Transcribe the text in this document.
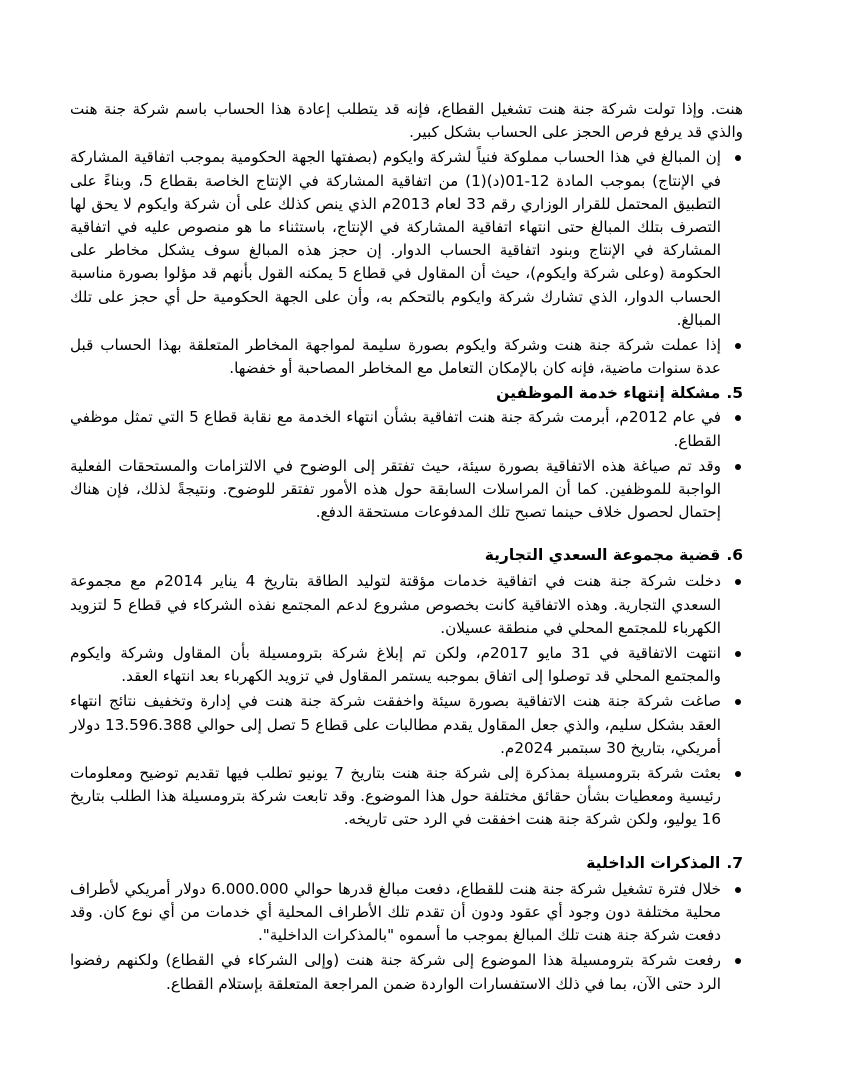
هنت. وإذا تولت شركة جنة هنت تشغيل القطاع، فإنه قد يتطلب إعادة هذا الحساب باسم شركة جنة هنت والذي قد يرفع فرص الحجز على الحساب بشكل كبير.

إن المبالغ في هذا الحساب مملوكة فنياً لشركة وايكوم (بصفتها الجهة الحكومية بموجب اتفاقية المشاركة في الإنتاج) بموجب المادة 12-01(د)(1) من اتفاقية المشاركة في الإنتاج الخاصة بقطاع 5، وبناءً على التطبيق المحتمل للقرار الوزاري رقم 33 لعام 2013م الذي ينص كذلك على أن شركة وايكوم لا يحق لها التصرف بتلك المبالغ حتى انتهاء اتفاقية المشاركة في الإنتاج، باستثناء ما هو منصوص عليه في اتفاقية المشاركة في الإنتاج وبنود اتفاقية الحساب الدوار. إن حجز هذه المبالغ سوف يشكل مخاطر على الحكومة (وعلى شركة وايكوم)، حيث أن المقاول في قطاع 5 يمكنه القول بأنهم قد مؤلوا بصورة مناسبة الحساب الدوار، الذي تشارك شركة وايكوم بالتحكم به، وأن على الجهة الحكومية حل أي حجز على تلك المبالغ.
إذا عملت شركة جنة هنت وشركة وايكوم بصورة سليمة لمواجهة المخاطر المتعلقة بهذا الحساب قبل عدة سنوات ماضية، فإنه كان بالإمكان التعامل مع المخاطر المصاحبة أو خفضها.
5.
مشكلة إنتهاء خدمة الموظفين
في عام 2012م، أبرمت شركة جنة هنت اتفاقية بشأن انتهاء الخدمة مع نقابة قطاع 5 التي تمثل موظفي القطاع.
وقد تم صياغة هذه الاتفاقية بصورة سيئة، حيث تفتقر إلى الوضوح في الالتزامات والمستحقات الفعلية الواجبة للموظفين. كما أن المراسلات السابقة حول هذه الأمور تفتقر للوضوح. ونتيجةً لذلك، فإن هناك إحتمال لحصول خلاف حينما تصبح تلك المدفوعات مستحقة الدفع.
6.
قضية مجموعة السعدي التجارية
دخلت شركة جنة هنت في اتفاقية خدمات مؤقتة لتوليد الطاقة بتاريخ 4 يناير 2014م مع مجموعة السعدي التجارية. وهذه الاتفاقية كانت بخصوص مشروع لدعم المجتمع نفذه الشركاء في قطاع 5 لتزويد الكهرباء للمجتمع المحلي في منطقة عسيلان.
انتهت الاتفاقية في 31 مايو 2017م، ولكن تم إبلاغ شركة بترومسيلة بأن المقاول وشركة وايكوم والمجتمع المحلي قد توصلوا إلى اتفاق بموجبه يستمر المقاول في تزويد الكهرباء بعد انتهاء العقد.
صاغت شركة جنة هنت الاتفاقية بصورة سيئة واخفقت شركة جنة هنت في إدارة وتخفيف نتائج انتهاء العقد بشكل سليم، والذي جعل المقاول يقدم مطالبات على قطاع 5 تصل إلى حوالي 13.596.388 دولار أمريكي، بتاريخ 30 سبتمبر 2024م.
بعثت شركة بترومسيلة بمذكرة إلى شركة جنة هنت بتاريخ 7 يونيو تطلب فيها تقديم توضيح ومعلومات رئيسية ومعطيات بشأن حقائق مختلفة حول هذا الموضوع. وقد تابعت شركة بترومسيلة هذا الطلب بتاريخ 16 يوليو، ولكن شركة جنة هنت اخفقت في الرد حتى تاريخه.
7.
المذكرات الداخلية
خلال فترة تشغيل شركة جنة هنت للقطاع، دفعت مبالغ قدرها حوالي 6.000.000 دولار أمريكي لأطراف محلية مختلفة دون وجود أي عقود ودون أن تقدم تلك الأطراف المحلية أي خدمات من أي نوع كان. وقد دفعت شركة جنة هنت تلك المبالغ بموجب ما أسموه "بالمذكرات الداخلية".
رفعت شركة بترومسيلة هذا الموضوع إلى شركة جنة هنت (وإلى الشركاء في القطاع) ولكنهم رفضوا الرد حتى الآن، بما في ذلك الاستفسارات الواردة ضمن المراجعة المتعلقة بإستلام القطاع.
